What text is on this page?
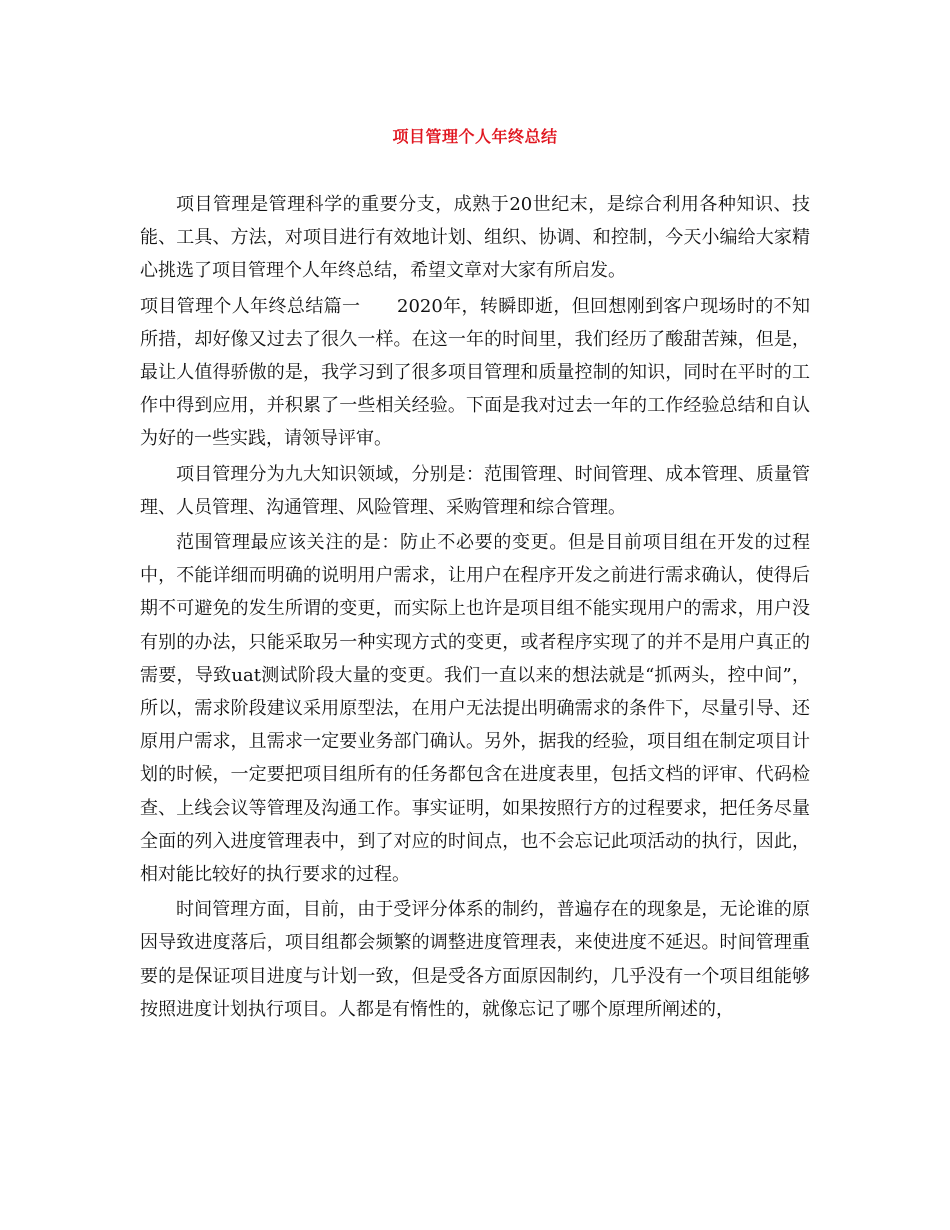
项目管理个人年终总结

项目管理是管理科学的重要分支，成熟于20世纪末，是综合利用各种知识、技能、工具、方法，对项目进行有效地计划、组织、协调、和控制，今天小编给大家精心挑选了项目管理个人年终总结，希望文章对大家有所启发。

项目管理个人年终总结篇一　　2020年，转瞬即逝，但回想刚到客户现场时的不知所措，却好像又过去了很久一样。在这一年的时间里，我们经历了酸甜苦辣，但是，最让人值得骄傲的是，我学习到了很多项目管理和质量控制的知识，同时在平时的工作中得到应用，并积累了一些相关经验。下面是我对过去一年的工作经验总结和自认为好的一些实践，请领导评审。

项目管理分为九大知识领域，分别是：范围管理、时间管理、成本管理、质量管理、人员管理、沟通管理、风险管理、采购管理和综合管理。

范围管理最应该关注的是：防止不必要的变更。但是目前项目组在开发的过程中，不能详细而明确的说明用户需求，让用户在程序开发之前进行需求确认，使得后期不可避免的发生所谓的变更，而实际上也许是项目组不能实现用户的需求，用户没有别的办法，只能采取另一种实现方式的变更，或者程序实现了的并不是用户真正的需要，导致uat测试阶段大量的变更。我们一直以来的想法就是“抓两头，控中间”，所以，需求阶段建议采用原型法，在用户无法提出明确需求的条件下，尽量引导、还原用户需求，且需求一定要业务部门确认。另外，据我的经验，项目组在制定项目计划的时候，一定要把项目组所有的任务都包含在进度表里，包括文档的评审、代码检查、上线会议等管理及沟通工作。事实证明，如果按照行方的过程要求，把任务尽量全面的列入进度管理表中，到了对应的时间点，也不会忘记此项活动的执行，因此，相对能比较好的执行要求的过程。

时间管理方面，目前，由于受评分体系的制约，普遍存在的现象是，无论谁的原因导致进度落后，项目组都会频繁的调整进度管理表，来使进度不延迟。时间管理重要的是保证项目进度与计划一致，但是受各方面原因制约，几乎没有一个项目组能够按照进度计划执行项目。人都是有惰性的，就像忘记了哪个原理所阐述的，
